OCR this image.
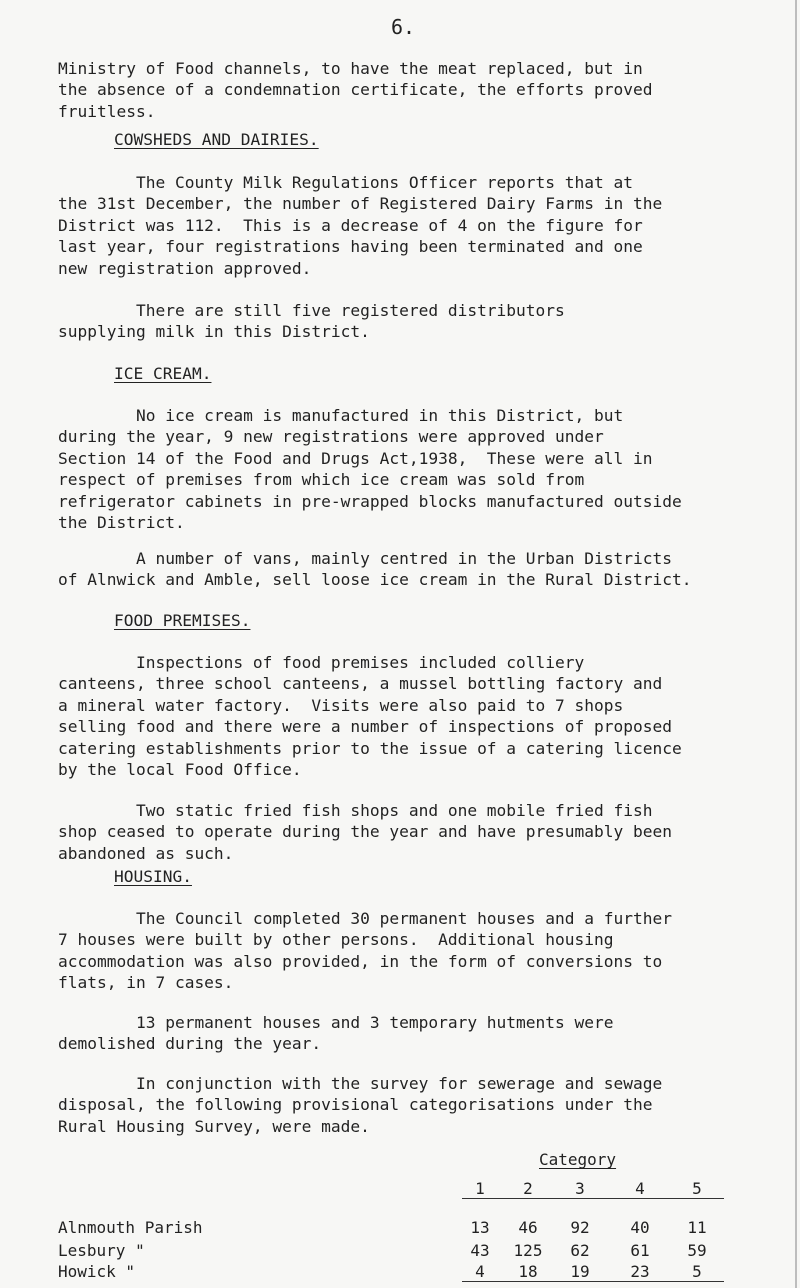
6.
Ministry of Food channels, to have the meat replaced, but in
the absence of a condemnation certificate, the efforts proved
fruitless.
COWSHEDS AND DAIRIES.
The County Milk Regulations Officer reports that at
the 31st December, the number of Registered Dairy Farms in the
District was 112.  This is a decrease of 4 on the figure for
last year, four registrations having been terminated and one
new registration approved.
There are still five registered distributors
supplying milk in this District.
ICE CREAM.
No ice cream is manufactured in this District, but
during the year, 9 new registrations were approved under
Section 14 of the Food and Drugs Act,1938,  These were all in
respect of premises from which ice cream was sold from
refrigerator cabinets in pre-wrapped blocks manufactured outside
the District.
A number of vans, mainly centred in the Urban Districts
of Alnwick and Amble, sell loose ice cream in the Rural District.
FOOD PREMISES.
Inspections of food premises included colliery
canteens, three school canteens, a mussel bottling factory and
a mineral water factory.  Visits were also paid to 7 shops
selling food and there were a number of inspections of proposed
catering establishments prior to the issue of a catering licence
by the local Food Office.
Two static fried fish shops and one mobile fried fish
shop ceased to operate during the year and have presumably been
abandoned as such.
HOUSING.
The Council completed 30 permanent houses and a further
7 houses were built by other persons.  Additional housing
accommodation was also provided, in the form of conversions to
flats, in 7 cases.
13 permanent houses and 3 temporary hutments were
demolished during the year.
In conjunction with the survey for sewerage and sewage
disposal, the following provisional categorisations under the
Rural Housing Survey, were made.
Category
1	2	3	4	5
Alnmouth Parish	13	46	92	40	11
Lesbury "	43	125	62	61	59
Howick "	4	18	19	23	5
